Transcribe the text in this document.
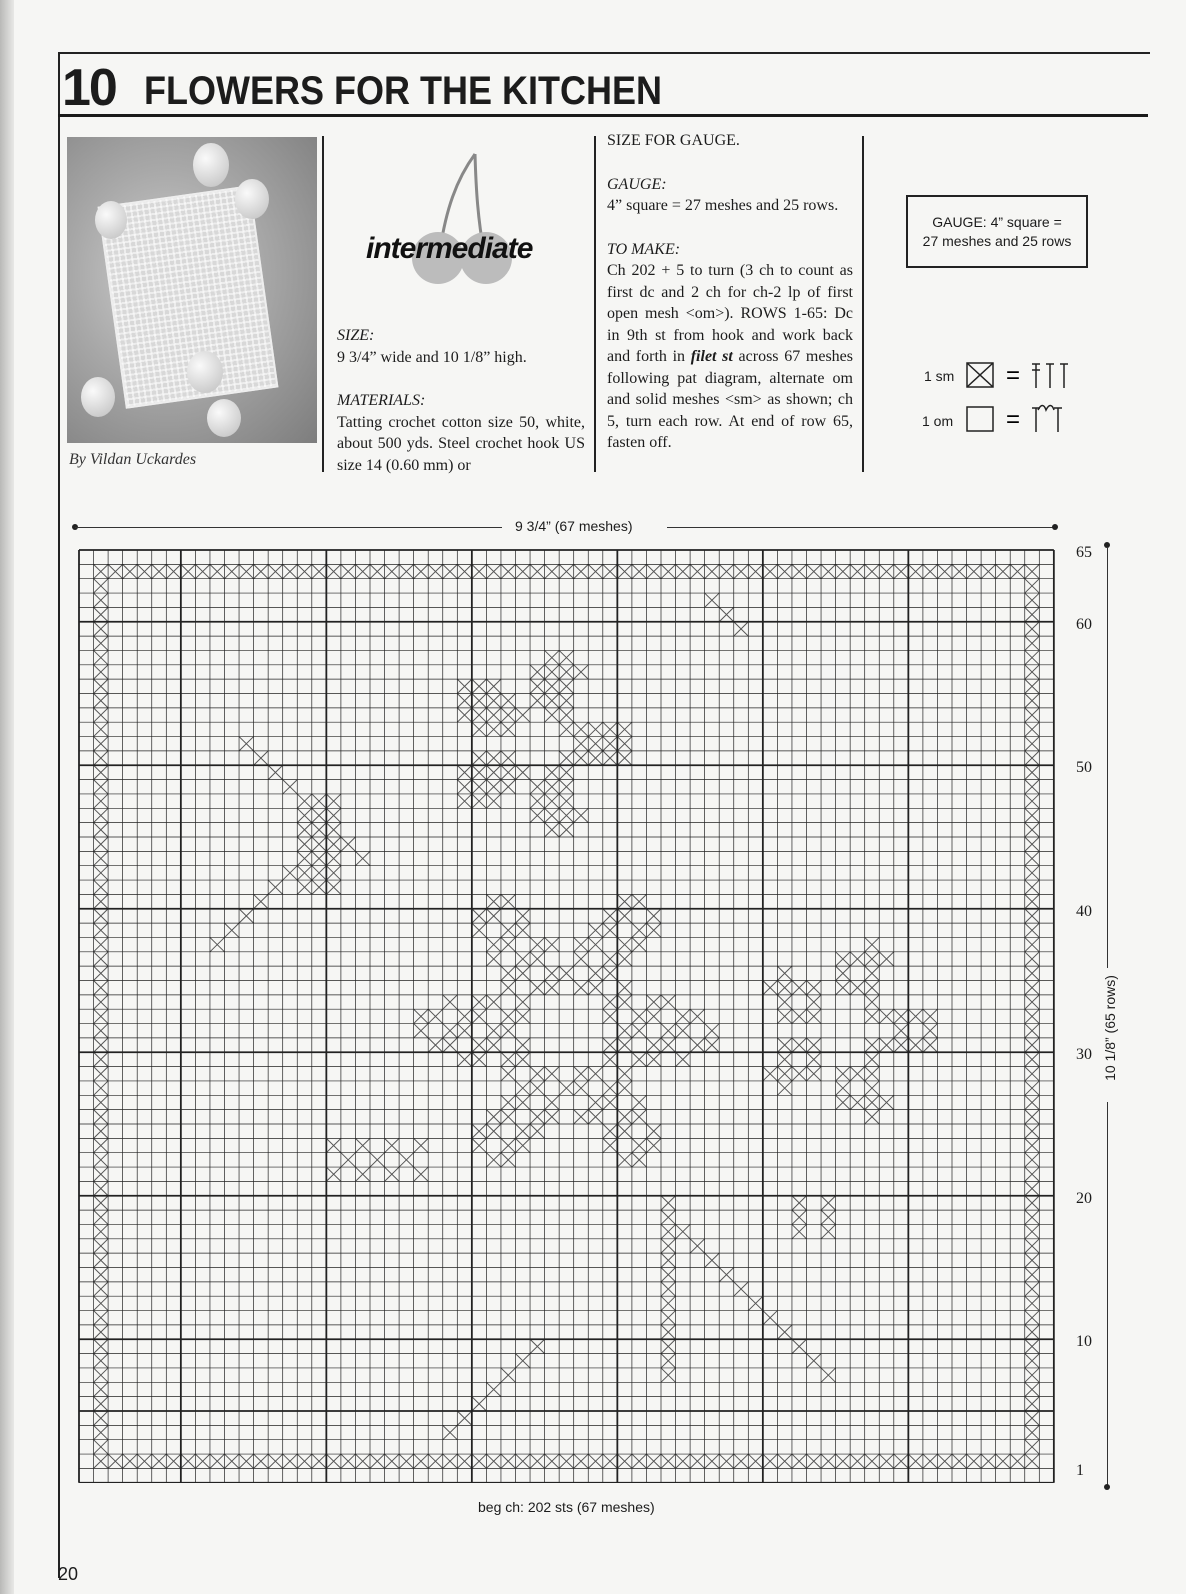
10 FLOWERS FOR THE KITCHEN
By Vildan Uckardes
intermediate
SIZE:
9 3/4” wide and 10 1/8” high.
MATERIALS:
Tatting crochet cotton size 50, white, about 500 yds. Steel crochet hook US size 14 (0.60 mm) or
SIZE FOR GAUGE.
GAUGE:
4” square = 27 meshes and 25 rows.
TO MAKE:
Ch 202 + 5 to turn (3 ch to count as first dc and 2 ch for ch-2 lp of first open mesh <om>). ROWS 1-65: Dc in 9th st from hook and work back and forth in filet st across 67 meshes following pat diagram, alternate om and solid meshes <sm> as shown; ch 5, turn each row. At end of row 65, fasten off.
GAUGE: 4” square =
27 meshes and 25 rows
1 sm =
1 om =
9 3/4” (67 meshes)
10 1/8” (65 rows)
65
60
50
40
30
20
10
1
beg ch: 202 sts (67 meshes)
20
